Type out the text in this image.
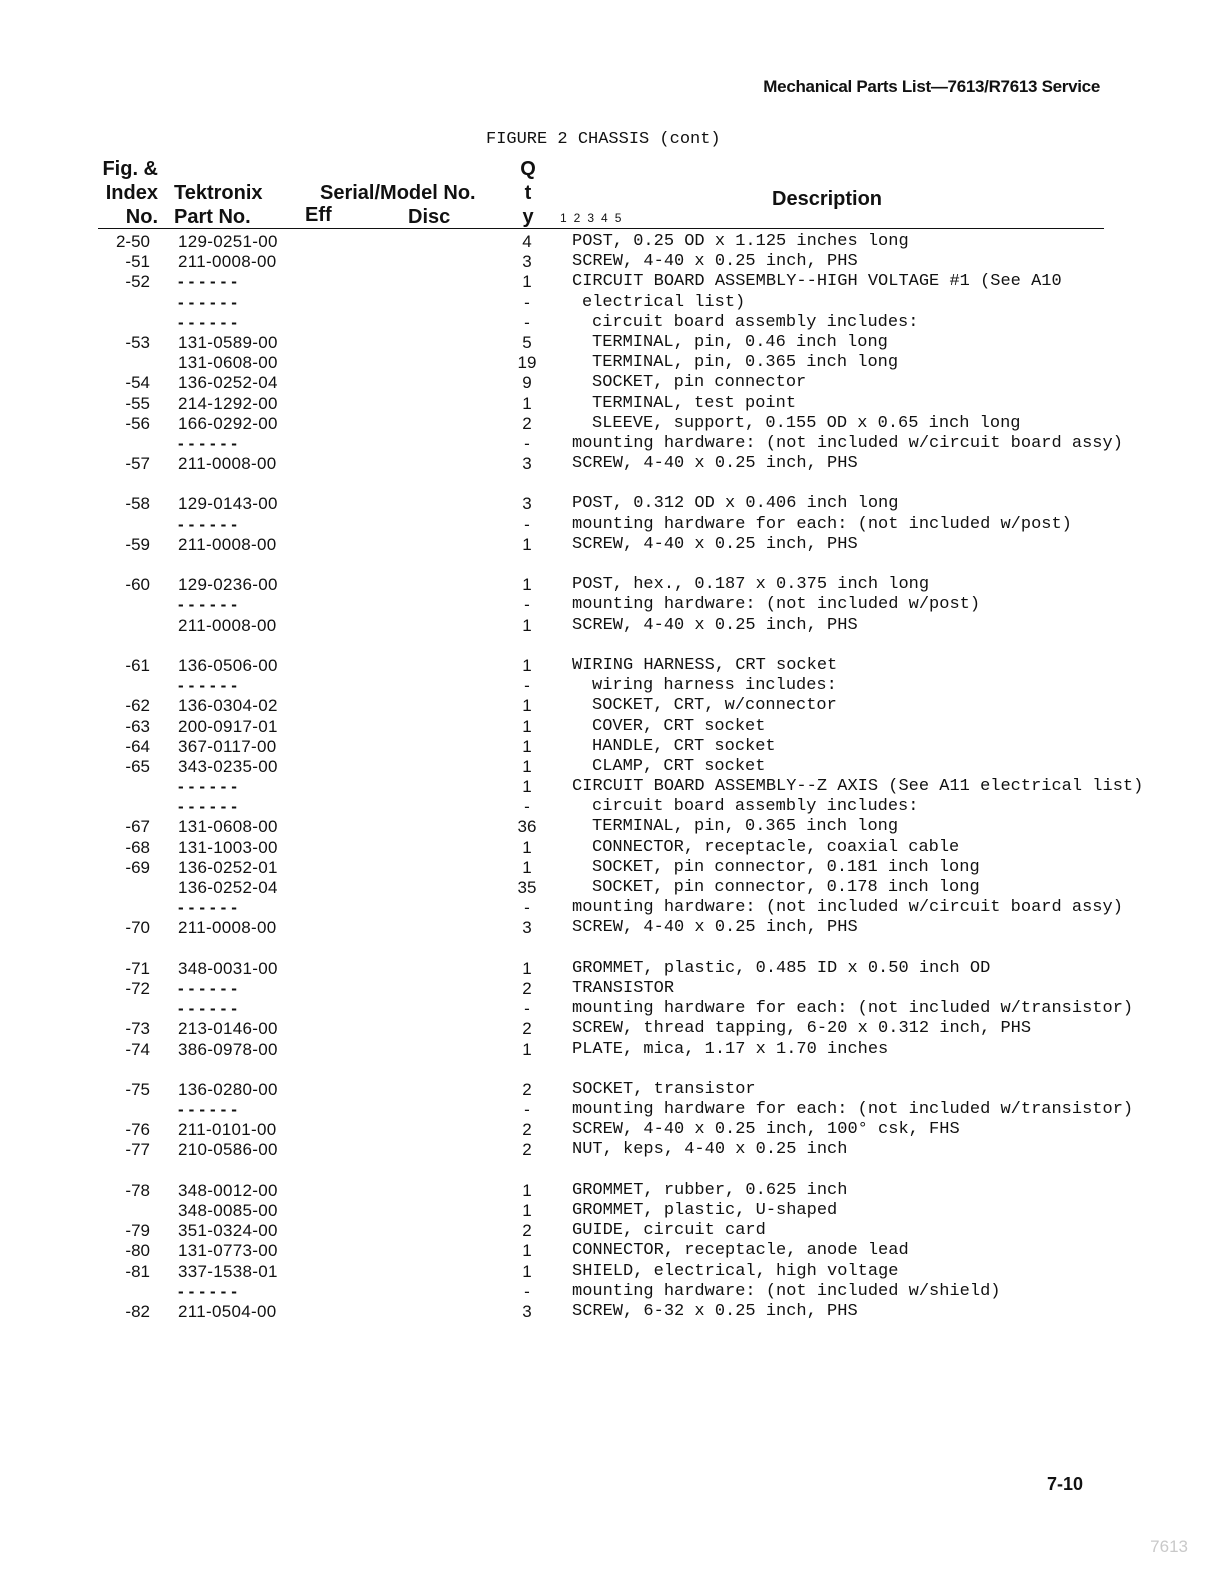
Mechanical Parts List—7613/R7613 Service
FIGURE 2 CHASSIS (cont)
Fig. &
Index
No.
Tektronix
Part No.
Serial/Model No.
Eff	Disc
Q
t
y
Description
12345
2-50 129-0251-00	4	POST, 0.25 OD x 1.125 inches long
-51 211-0008-00	3	SCREW, 4-40 x 0.25 inch, PHS
-52 ------	1	CIRCUIT BOARD ASSEMBLY--HIGH VOLTAGE #1 (See A10
------	-	electrical list)
------	-	circuit board assembly includes:
-53 131-0589-00	5	TERMINAL, pin, 0.46 inch long
131-0608-00	19	TERMINAL, pin, 0.365 inch long
-54 136-0252-04	9	SOCKET, pin connector
-55 214-1292-00	1	TERMINAL, test point
-56 166-0292-00	2	SLEEVE, support, 0.155 OD x 0.65 inch long
------	-	mounting hardware: (not included w/circuit board assy)
-57 211-0008-00	3	SCREW, 4-40 x 0.25 inch, PHS
-58 129-0143-00	3	POST, 0.312 OD x 0.406 inch long
------	-	mounting hardware for each: (not included w/post)
-59 211-0008-00	1	SCREW, 4-40 x 0.25 inch, PHS
-60 129-0236-00	1	POST, hex., 0.187 x 0.375 inch long
------	-	mounting hardware: (not included w/post)
211-0008-00	1	SCREW, 4-40 x 0.25 inch, PHS
-61 136-0506-00	1	WIRING HARNESS, CRT socket
------	-	wiring harness includes:
-62 136-0304-02	1	SOCKET, CRT, w/connector
-63 200-0917-01	1	COVER, CRT socket
-64 367-0117-00	1	HANDLE, CRT socket
-65 343-0235-00	1	CLAMP, CRT socket
------	1	CIRCUIT BOARD ASSEMBLY--Z AXIS (See A11 electrical list)
------	-	circuit board assembly includes:
-67 131-0608-00	36	TERMINAL, pin, 0.365 inch long
-68 131-1003-00	1	CONNECTOR, receptacle, coaxial cable
-69 136-0252-01	1	SOCKET, pin connector, 0.181 inch long
136-0252-04	35	SOCKET, pin connector, 0.178 inch long
------	-	mounting hardware: (not included w/circuit board assy)
-70 211-0008-00	3	SCREW, 4-40 x 0.25 inch, PHS
-71 348-0031-00	1	GROMMET, plastic, 0.485 ID x 0.50 inch OD
-72 ------	2	TRANSISTOR
------	-	mounting hardware for each: (not included w/transistor)
-73 213-0146-00	2	SCREW, thread tapping, 6-20 x 0.312 inch, PHS
-74 386-0978-00	1	PLATE, mica, 1.17 x 1.70 inches
-75 136-0280-00	2	SOCKET, transistor
------	-	mounting hardware for each: (not included w/transistor)
-76 211-0101-00	2	SCREW, 4-40 x 0.25 inch, 100° csk, FHS
-77 210-0586-00	2	NUT, keps, 4-40 x 0.25 inch
-78 348-0012-00	1	GROMMET, rubber, 0.625 inch
348-0085-00	1	GROMMET, plastic, U-shaped
-79 351-0324-00	2	GUIDE, circuit card
-80 131-0773-00	1	CONNECTOR, receptacle, anode lead
-81 337-1538-01	1	SHIELD, electrical, high voltage
------	-	mounting hardware: (not included w/shield)
-82 211-0504-00	3	SCREW, 6-32 x 0.25 inch, PHS
7-10
7613
